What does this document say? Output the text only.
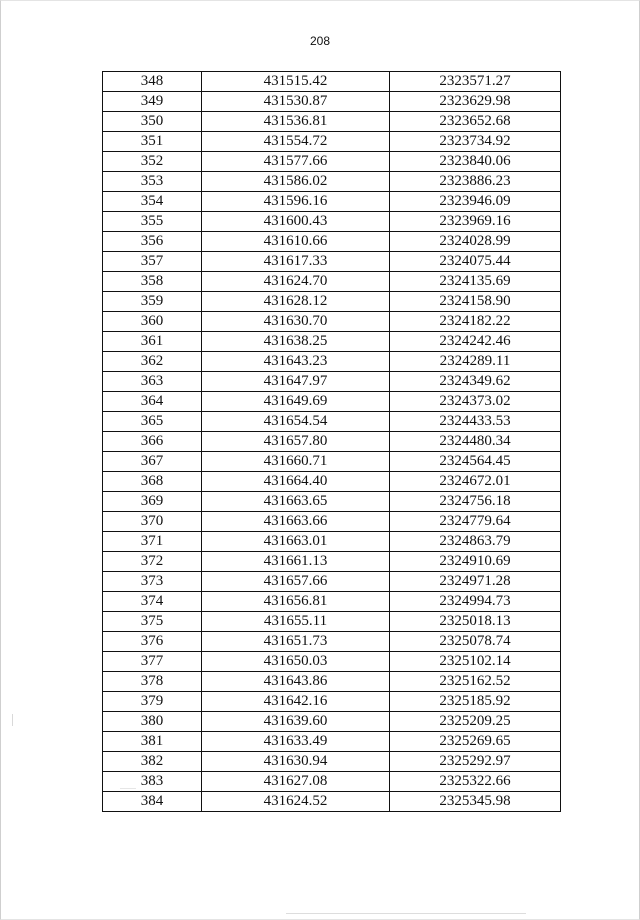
208
348	431515.42	2323571.27
349	431530.87	2323629.98
350	431536.81	2323652.68
351	431554.72	2323734.92
352	431577.66	2323840.06
353	431586.02	2323886.23
354	431596.16	2323946.09
355	431600.43	2323969.16
356	431610.66	2324028.99
357	431617.33	2324075.44
358	431624.70	2324135.69
359	431628.12	2324158.90
360	431630.70	2324182.22
361	431638.25	2324242.46
362	431643.23	2324289.11
363	431647.97	2324349.62
364	431649.69	2324373.02
365	431654.54	2324433.53
366	431657.80	2324480.34
367	431660.71	2324564.45
368	431664.40	2324672.01
369	431663.65	2324756.18
370	431663.66	2324779.64
371	431663.01	2324863.79
372	431661.13	2324910.69
373	431657.66	2324971.28
374	431656.81	2324994.73
375	431655.11	2325018.13
376	431651.73	2325078.74
377	431650.03	2325102.14
378	431643.86	2325162.52
379	431642.16	2325185.92
380	431639.60	2325209.25
381	431633.49	2325269.65
382	431630.94	2325292.97
383	431627.08	2325322.66
384	431624.52	2325345.98
